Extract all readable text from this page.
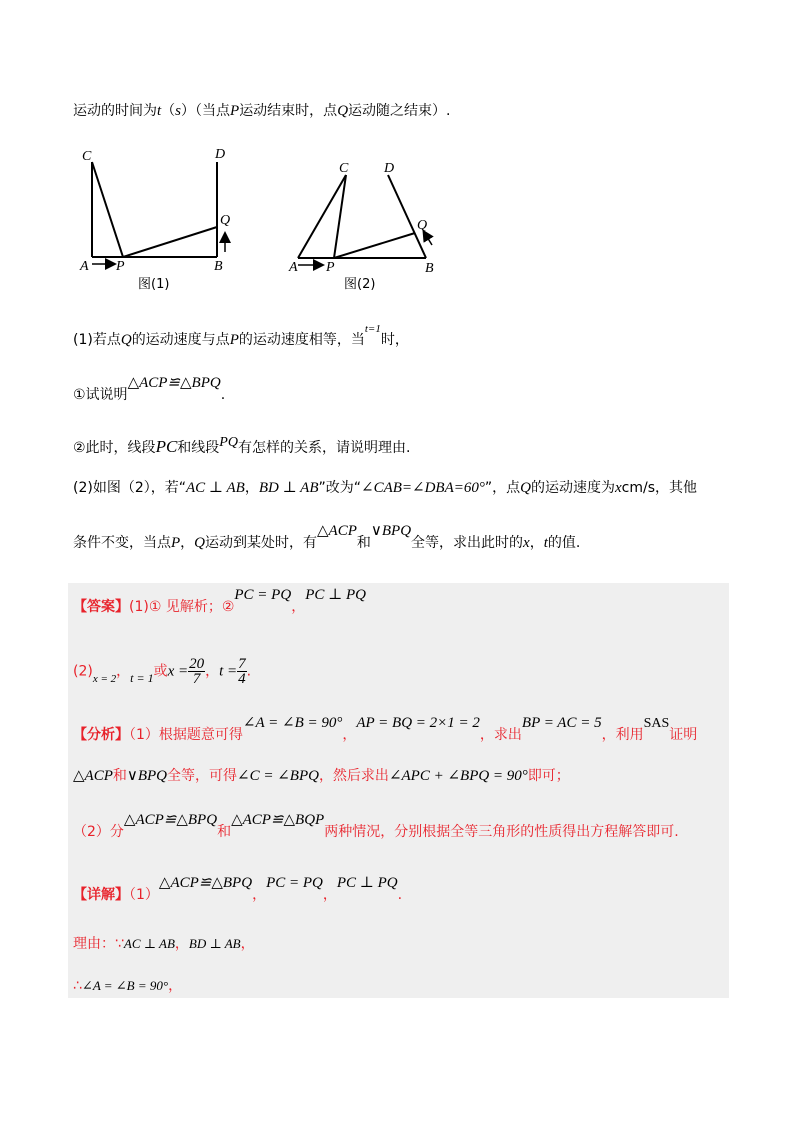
运动的时间为t（s）（当点P运动结束时，点Q运动随之结束）.
C	D
Q
A P	B
图(1)
C	D
Q
A P	B
图(2)
(1)若点Q的运动速度与点P的运动速度相等，当$^{t=1}$时，
①试说明△ACP≌△BPQ.
②此时，线段PC和线段PQ有怎样的关系，请说明理由.
(2)如图（2），若“AC ⊥ AB，BD ⊥ AB”改为“∠CAB=∠DBA=60°”，点Q的运动速度为xcm/s，其他
条件不变，当点P，Q运动到某处时，有△ACP和∨BPQ全等，求出此时的x，t的值.
【答案】(1)① 见解析；②PC = PQ，PC ⊥ PQ
$(2)_{x = 2}$，t = 1或$x = \frac{20}{7}$ ，$t = \frac{7}{4}$ .
【分析】（1）根据题意可得∠A = ∠B = 90°，AP = BQ = 2×1 = 2，求出BP = AC = 5，利用SAS证明
△ACP和∨BPQ全等，可得∠C = ∠BPQ，然后求出∠APC + ∠BPQ = 90°即可；
（2）分△ACP≌△BPQ和△ACP≌△BQP两种情况，分别根据全等三角形的性质得出方程解答即可.
【详解】（1）△ACP≌△BPQ，PC = PQ，PC ⊥ PQ.
理由：∵AC ⊥ AB，BD ⊥ AB，
∴∠A = ∠B = 90°，
